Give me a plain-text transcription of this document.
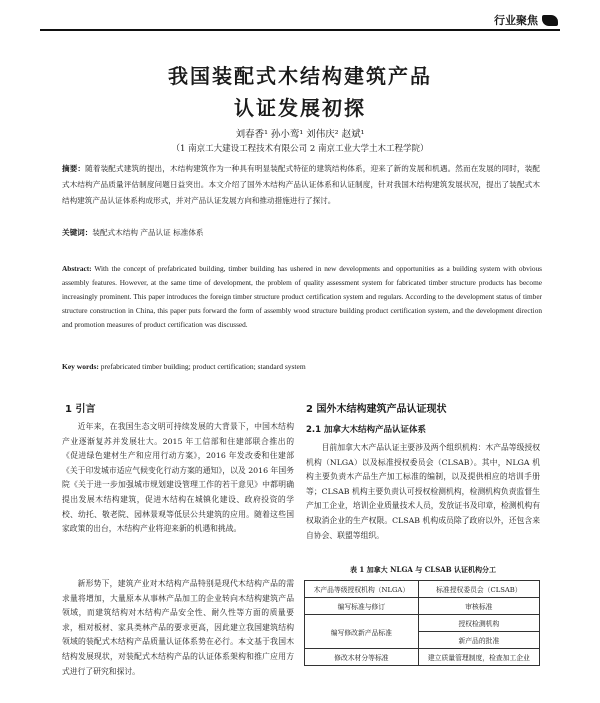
行业聚焦
我国装配式木结构建筑产品
认证发展初探
刘春香¹ 孙小鸾¹ 刘伟庆² 赵斌¹
（1 南京工大建设工程技术有限公司 2 南京工业大学土木工程学院）
摘要：随着装配式建筑的提出，木结构建筑作为一种具有明显装配式特征的建筑结构体系，迎来了新的发展和机遇。然而在发展的同时，装配式木结构产品质量评估制度问题日益突出。本文介绍了国外木结构产品认证体系和认证制度，针对我国木结构建筑发展状况，提出了装配式木结构建筑产品认证体系构成形式，并对产品认证发展方向和推动措施进行了探讨。
关键词：装配式木结构 产品认证 标准体系
Abstract: With the concept of prefabricated building, timber building has ushered in new developments and opportunities as a building system with obvious assembly features. However, at the same time of development, the problem of quality assessment system for fabricated timber structure products has become increasingly prominent. This paper introduces the foreign timber structure product certification system and regulars. According to the development status of timber structure construction in China, this paper puts forward the form of assembly wood structure building product certification system, and the development direction and promotion measures of product certification was discussed.
Key words: prefabricated timber building; product certification; standard system
1 引言	2 国外木结构建筑产品认证现状

近年来，在我国生态文明可持续发展的大背景下，中国木结构产业逐渐复苏并发展壮大。2015 年工信部和住建部联合推出的《促进绿色建材生产和应用行动方案》，2016 年发改委和住建部《关于印发城市适应气候变化行动方案的通知》，以及 2016 年国务院《关于进一步加强城市规划建设管理工作的若干意见》中都明确提出发展木结构建筑，促进木结构在城镇化建设、政府投资的学校、幼托、敬老院、园林景观等低层公共建筑的应用。随着这些国家政策的出台，木结构产业将迎来新的机遇和挑战。

新形势下，建筑产业对木结构产品特别是现代木结构产品的需求量将增加，大量原本从事林产品加工的企业转向木结构建筑产品领域，而建筑结构对木结构产品安全性、耐久性等方面的质量要求，相对板材、家具类林产品的要求更高，因此建立我国建筑结构领域的装配式木结构产品质量认证体系势在必行。本文基于我国木结构发展现状，对装配式木结构产品的认证体系架构和推广应用方式进行了研究和探讨。

2.1 加拿大木结构产品认证体系

目前加拿大木产品认证主要涉及两个组织机构：木产品等级授权机构（NLGA）以及标准授权委员会（CLSAB）。其中，NLGA 机构主要负责木产品生产加工标准的编制，以及提供相应的培训手册等；CLSAB 机构主要负责认可授权检测机构，检测机构负责监督生产加工企业，培训企业质量技术人员，发放证书及印章，检测机构有权取消企业的生产权限。CLSAB 机构成员除了政府以外，还包含来自协会、联盟等组织。

表 1 加拿大 NLGA 与 CLSAB 认证机构分工
木产品等级授权机构（NLGA）	标准授权委员会（CLSAB）
编写标准与修订	审核标准
编写修改新产品标准	授权检测机构
	新产品的批准
修改木材分等标准	建立质量管理制度，检查加工企业
